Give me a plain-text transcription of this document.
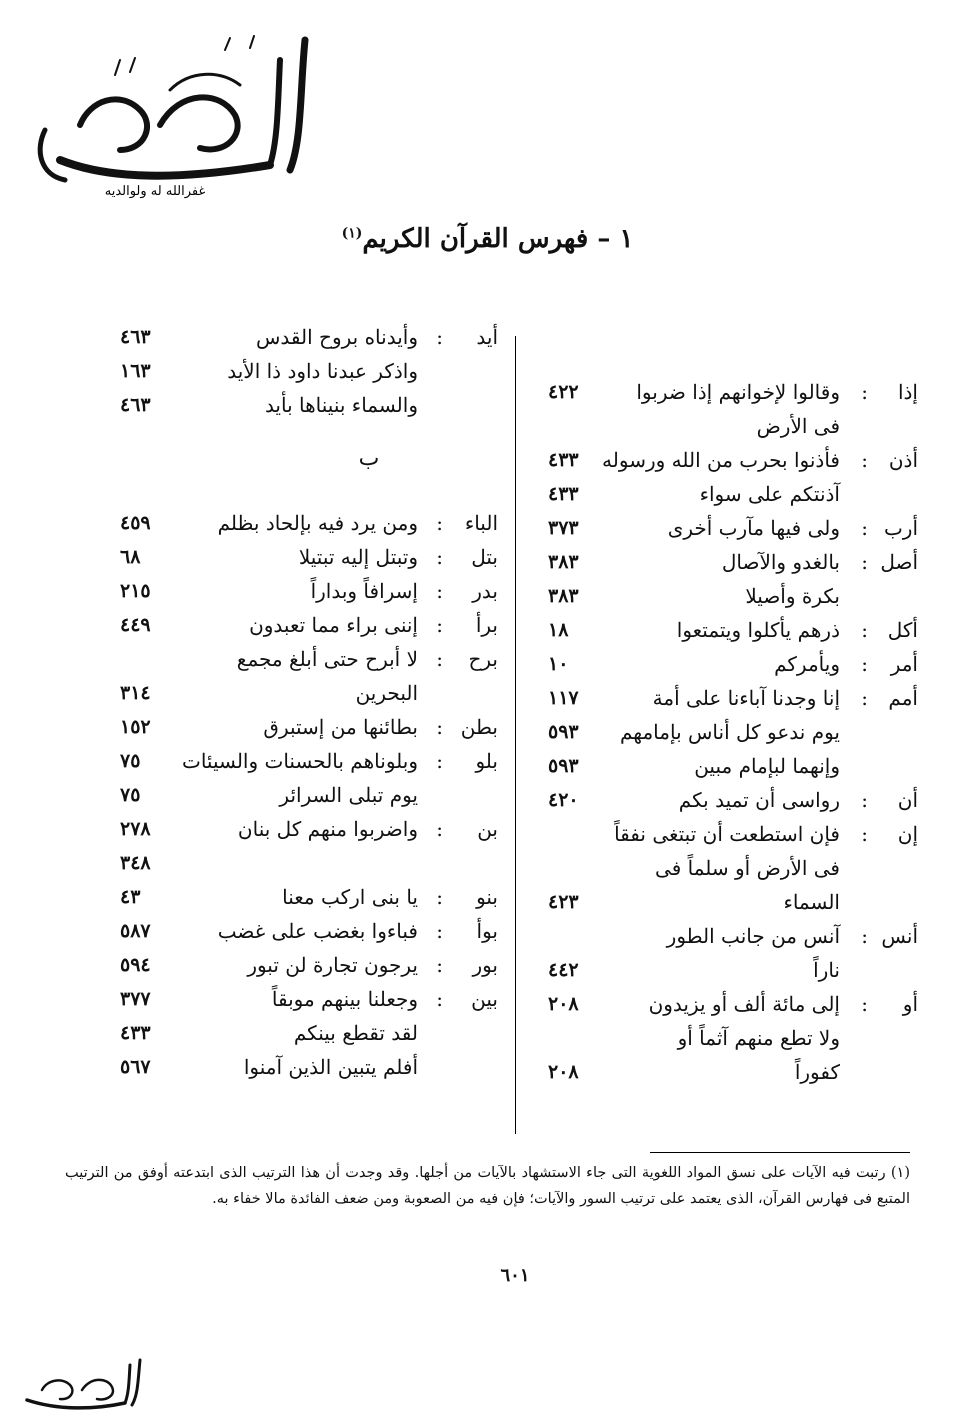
غفرالله له ولوالديه
١ – فهرس القرآن الكريم$^{(١)}$
إذا
:
وقالوا لإخوانهم إذا ضربوا
٤٢٢
فى الأرض
أذن
:
فأذنوا بحرب من الله ورسوله
٤٣٣
آذنتكم على سواء
٤٣٣
أرب
:
ولى فيها مآرب أخرى
٣٧٣
أصل
:
بالغدو والآصال
٣٨٣
بكرة وأصيلا
٣٨٣
أكل
:
ذرهم يأكلوا ويتمتعوا
١٨
أمر
:
ويأمركم
١٠
أمم
:
إنا وجدنا آباءنا على أمة
١١٧
يوم ندعو كل أناس بإمامهم
٥٩٣
وإنهما لبإمام مبين
٥٩٣
أن
:
رواسى أن تميد بكم
٤٢٠
إن
:
فإن استطعت أن تبتغى نفقاً
فى الأرض أو سلماً فى
السماء
٤٢٣
أنس
:
آنس من جانب الطور
ناراً
٤٤٢
أو
:
إلى مائة ألف أو يزيدون
٢٠٨
ولا تطع منهم آثماً أو
كفوراً
٢٠٨
أيد
:
وأيدناه بروح القدس
٤٦٣
واذكر عبدنا داود ذا الأيد
١٦٣
والسماء بنيناها بأيد
٤٦٣
ب
الباء
:
ومن يرد فيه بإلحاد بظلم
٤٥٩
بتل
:
وتبتل إليه تبتيلا
٦٨
بدر
:
إسرافاً وبداراً
٢١٥
برأ
:
إننى براء مما تعبدون
٤٤٩
برح
:
لا أبرح حتى أبلغ مجمع
البحرين
٣١٤
بطن
:
بطائنها من إستبرق
١٥٢
بلو
:
وبلوناهم بالحسنات والسيئات
٧٥
يوم تبلى السرائر
٧٥
بن
:
واضربوا منهم كل بنان
٢٧٨
٣٤٨
بنو
:
يا بنى اركب معنا
٤٣
بوأ
:
فباءوا بغضب على غضب
٥٨٧
بور
:
يرجون تجارة لن تبور
٥٩٤
بين
:
وجعلنا بينهم موبقاً
٣٧٧
لقد تقطع بينكم
٤٣٣
أفلم يتبين الذين آمنوا
٥٦٧
(١) رتبت فيه الآيات على نسق المواد اللغوية التى جاء الاستشهاد بالآيات من أجلها. وقد وجدت أن هذا الترتيب الذى ابتدعته أوفق من الترتيب المتبع فى فهارس القرآن، الذى يعتمد على ترتيب السور والآيات؛ فإن فيه من الصعوبة ومن ضعف الفائدة مالا خفاء به.
٦٠١
